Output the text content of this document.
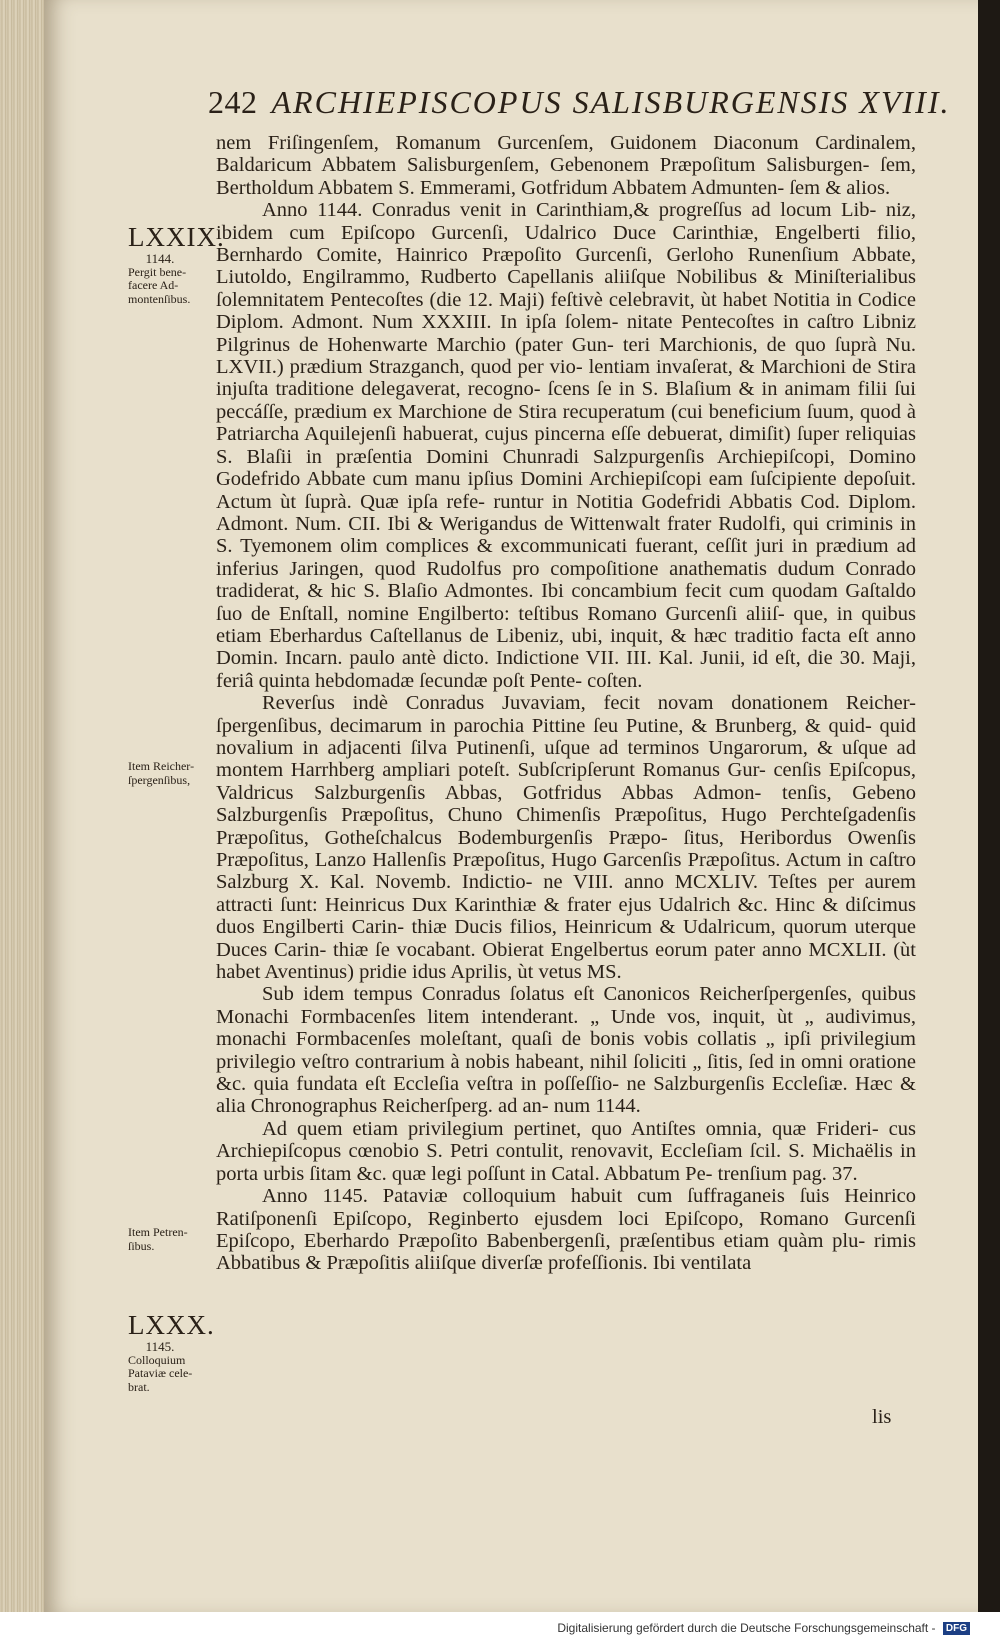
242 ARCHIEPISCOPUS SALISBURGENSIS XVIII.
LXXIX.
1144.
Pergit bene- facere Ad- montenſibus.
Item Reicher- ſpergenſibus,
Item Petren- ſibus.
LXXX.
1145.
Colloquium Pataviæ cele- brat.

nem Friſingenſem, Romanum Gurcenſem, Guidonem Diaconum Cardinalem, Baldaricum Abbatem Salisburgenſem, Gebenonem Præpoſitum Salisburgen- ſem, Bertholdum Abbatem S. Emmerami, Gotfridum Abbatem Admunten- ſem & alios.

Anno 1144. Conradus venit in Carinthiam,& progreſſus ad locum Lib- niz, ibidem cum Epiſcopo Gurcenſi, Udalrico Duce Carinthiæ, Engelberti filio, Bernhardo Comite, Hainrico Præpoſito Gurcenſi, Gerloho Runenſium Abbate, Liutoldo, Engilrammo, Rudberto Capellanis aliiſque Nobilibus & Miniſterialibus ſolemnitatem Pentecoſtes (die 12. Maji) feſtivè celebravit, ùt habet Notitia in Codice Diplom. Admont. Num XXXIII. In ipſa ſolem- nitate Pentecoſtes in caſtro Libniz Pilgrinus de Hohenwarte Marchio (pater Gun- teri Marchionis, de quo ſuprà Nu. LXVII.) prædium Strazganch, quod per vio- lentiam invaſerat, & Marchioni de Stira injuſta traditione delegaverat, recogno- ſcens ſe in S. Blaſium & in animam filii ſui peccáſſe, prædium ex Marchione de Stira recuperatum (cui beneficium ſuum, quod à Patriarcha Aquilejenſi habuerat, cujus pincerna eſſe debuerat, dimiſit) ſuper reliquias S. Blaſii in præſentia Domini Chunradi Salzpurgenſis Archiepiſcopi, Domino Godefrido Abbate cum manu ipſius Domini Archiepiſcopi eam ſuſcipiente depoſuit. Actum ùt ſuprà. Quæ ipſa refe- runtur in Notitia Godefridi Abbatis Cod. Diplom. Admont. Num. CII. Ibi & Werigandus de Wittenwalt frater Rudolfi, qui criminis in S. Tyemonem olim complices & excommunicati fuerant, ceſſit juri in prædium ad inferius Jaringen, quod Rudolfus pro compoſitione anathematis dudum Conrado tradiderat, & hic S. Blaſio Admontes. Ibi concambium fecit cum quodam Gaſtaldo ſuo de Enſtall, nomine Engilberto: teſtibus Romano Gurcenſi aliiſ- que, in quibus etiam Eberhardus Caſtellanus de Libeniz, ubi, inquit, & hæc traditio facta eſt anno Domin. Incarn. paulo antè dicto. Indictione VII. III. Kal. Junii, id eſt, die 30. Maji, feriâ quinta hebdomadæ ſecundæ poſt Pente- coſten.

Reverſus indè Conradus Juvaviam, fecit novam donationem Reicher- ſpergenſibus, decimarum in parochia Pittine ſeu Putine, & Brunberg, & quid- quid novalium in adjacenti ſilva Putinenſi, uſque ad terminos Ungarorum, & uſque ad montem Harrhberg ampliari poteſt. Subſcripſerunt Romanus Gur- cenſis Epiſcopus, Valdricus Salzburgenſis Abbas, Gotfridus Abbas Admon- tenſis, Gebeno Salzburgenſis Præpoſitus, Chuno Chimenſis Præpoſitus, Hugo Perchteſgadenſis Præpoſitus, Gotheſchalcus Bodemburgenſis Præpo- ſitus, Heribordus Owenſis Præpoſitus, Lanzo Hallenſis Præpoſitus, Hugo Garcenſis Præpoſitus. Actum in caſtro Salzburg X. Kal. Novemb. Indictio- ne VIII. anno MCXLIV. Teſtes per aurem attracti ſunt: Heinricus Dux Karinthiæ & frater ejus Udalrich &c. Hinc & diſcimus duos Engilberti Carin- thiæ Ducis filios, Heinricum & Udalricum, quorum uterque Duces Carin- thiæ ſe vocabant. Obierat Engelbertus eorum pater anno MCXLII. (ùt habet Aventinus) pridie idus Aprilis, ùt vetus MS.

Sub idem tempus Conradus ſolatus eſt Canonicos Reicherſpergenſes, quibus Monachi Formbacenſes litem intenderant. „ Unde vos, inquit, ùt „ audivimus, monachi Formbacenſes moleſtant, quaſi de bonis vobis collatis „ ipſi privilegium privilegio veſtro contrarium à nobis habeant, nihil ſoliciti „ ſitis, ſed in omni oratione &c. quia fundata eſt Eccleſia veſtra in poſſeſſio- ne Salzburgenſis Eccleſiæ. Hæc & alia Chronographus Reicherſperg. ad an- num 1144.

Ad quem etiam privilegium pertinet, quo Antiſtes omnia, quæ Frideri- cus Archiepiſcopus cœnobio S. Petri contulit, renovavit, Eccleſiam ſcil. S. Michaëlis in porta urbis ſitam &c. quæ legi poſſunt in Catal. Abbatum Pe- trenſium pag. 37.

Anno 1145. Pataviæ colloquium habuit cum ſuffraganeis ſuis Heinrico Ratiſponenſi Epiſcopo, Reginberto ejusdem loci Epiſcopo, Romano Gurcenſi Epiſcopo, Eberhardo Præpoſito Babenbergenſi, præſentibus etiam quàm plu- rimis Abbatibus & Præpoſitis aliiſque diverſæ profeſſionis. Ibi ventilata

lis
Digitalisierung gefördert durch die Deutsche Forschungsgemeinschaft - DFG
